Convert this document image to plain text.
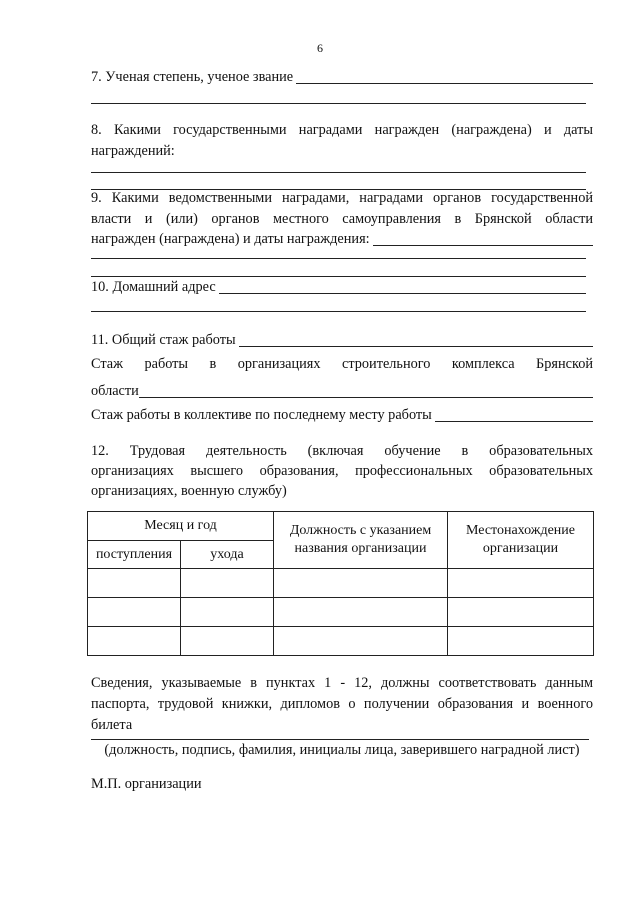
6
7. Ученая степень, ученое звание
8. Какими государственными наградами награжден (награждена) и даты
награждений:
9. Какими ведомственными наградами, наградами органов государственной
власти и (или) органов местного самоуправления в Брянской области
награжден (награждена) и даты награждения:
10. Домашний адрес
11. Общий стаж работы
Стаж работы в организациях строительного комплекса Брянской
области
Стаж работы в коллективе по последнему месту работы
12. Трудовая деятельность (включая обучение в образовательных
организациях высшего образования, профессиональных образовательных
организациях, военную службу)
Месяц и год		Должность с указанием названия организации	Местонахождение организации
поступления	ухода		

Сведения, указываемые в пунктах 1 - 12, должны соответствовать данным паспорта, трудовой книжки, дипломов о получении образования и военного билета
(должность, подпись, фамилия, инициалы лица, заверившего наградной лист)
М.П. организации
